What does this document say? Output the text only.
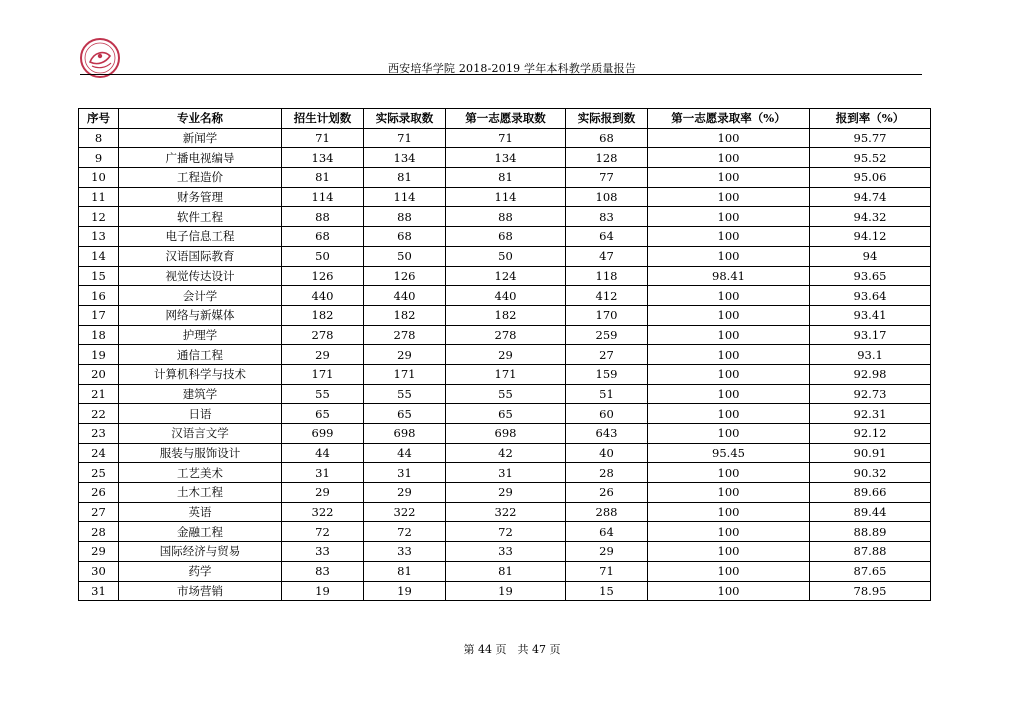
西安培华学院 2018-2019 学年本科教学质量报告
序号	专业名称	招生计划数	实际录取数	第一志愿录取数	实际报到数	第一志愿录取率（%）	报到率（%）
8	新闻学	71	71	71	68	100	95.77
9	广播电视编导	134	134	134	128	100	95.52
10	工程造价	81	81	81	77	100	95.06
11	财务管理	114	114	114	108	100	94.74
12	软件工程	88	88	88	83	100	94.32
13	电子信息工程	68	68	68	64	100	94.12
14	汉语国际教育	50	50	50	47	100	94
15	视觉传达设计	126	126	124	118	98.41	93.65
16	会计学	440	440	440	412	100	93.64
17	网络与新媒体	182	182	182	170	100	93.41
18	护理学	278	278	278	259	100	93.17
19	通信工程	29	29	29	27	100	93.1
20	计算机科学与技术	171	171	171	159	100	92.98
21	建筑学	55	55	55	51	100	92.73
22	日语	65	65	65	60	100	92.31
23	汉语言文学	699	698	698	643	100	92.12
24	服装与服饰设计	44	44	42	40	95.45	90.91
25	工艺美术	31	31	31	28	100	90.32
26	土木工程	29	29	29	26	100	89.66
27	英语	322	322	322	288	100	89.44
28	金融工程	72	72	72	64	100	88.89
29	国际经济与贸易	33	33	33	29	100	87.88
30	药学	83	81	81	71	100	87.65
31	市场营销	19	19	19	15	100	78.95
第 44 页　共 47 页
